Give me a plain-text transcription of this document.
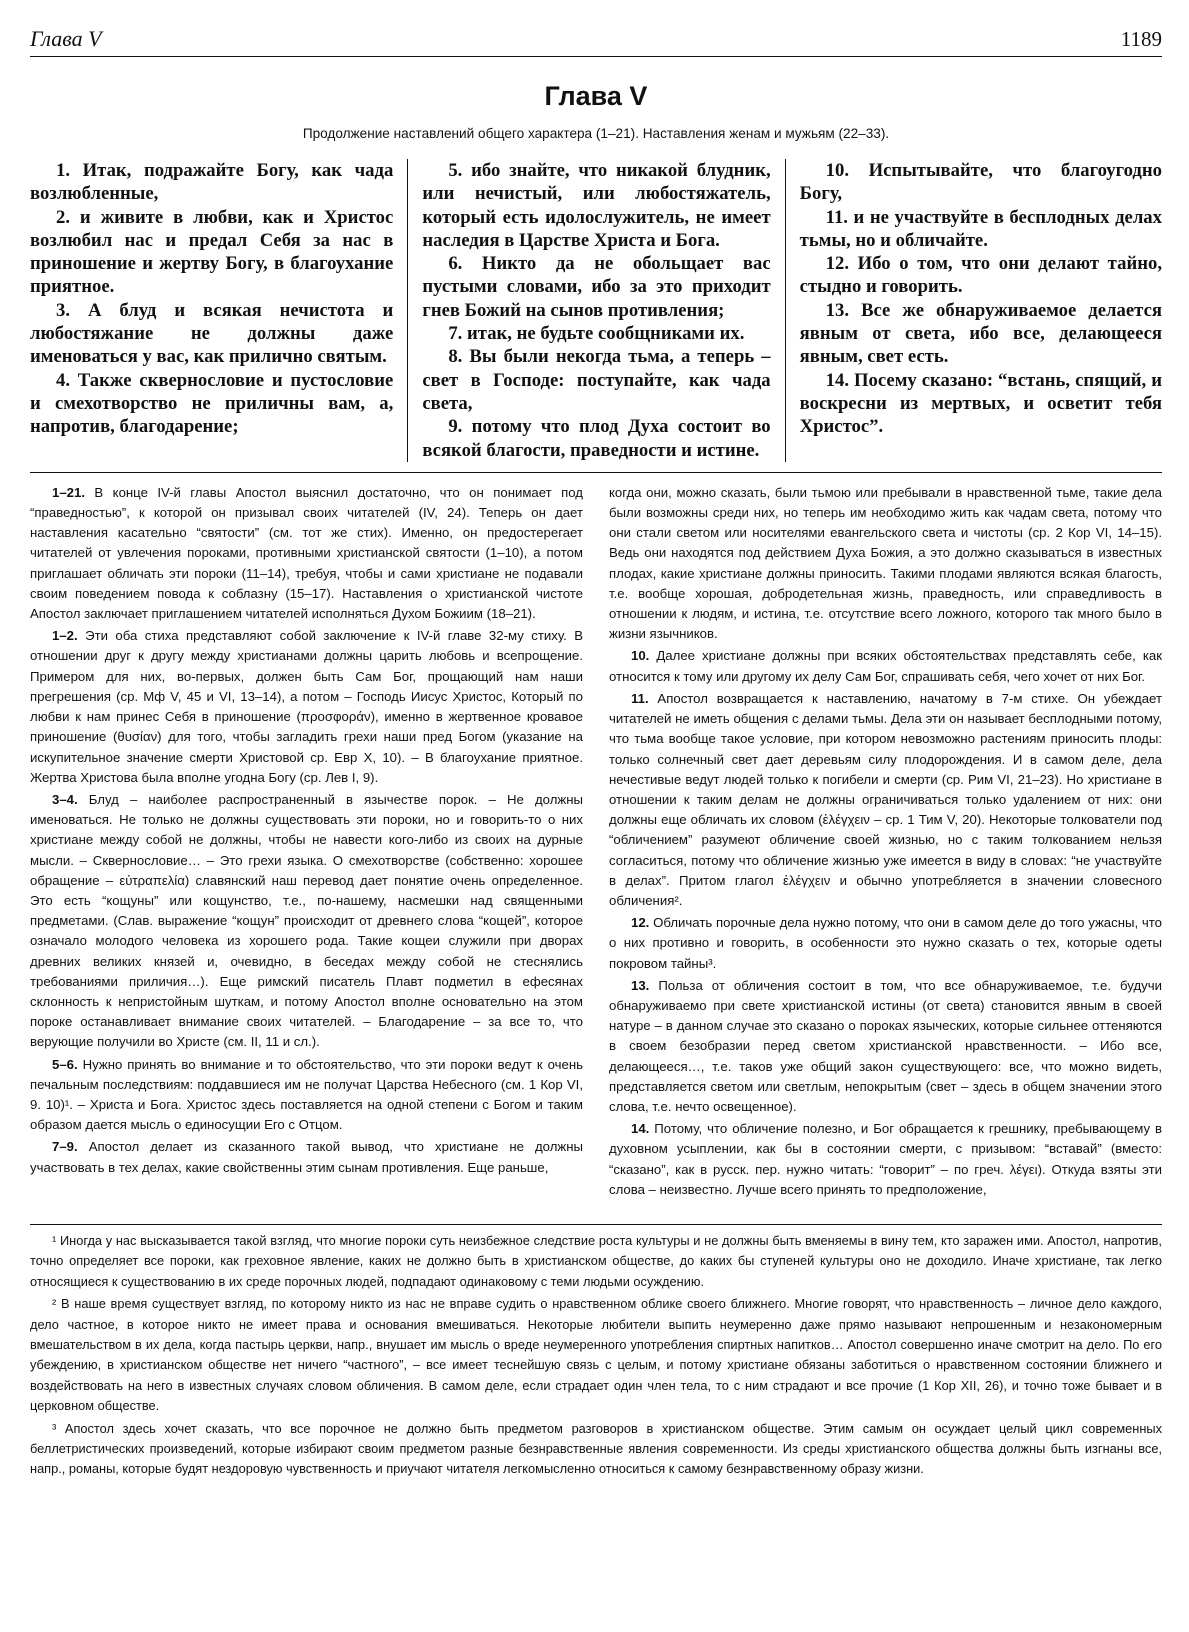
Глава V	1189
Глава V
Продолжение наставлений общего характера (1–21). Наставления женам и мужьям (22–33).

1. Итак, подражайте Богу, как чада возлюбленные,

2. и живите в любви, как и Христос возлюбил нас и предал Себя за нас в приношение и жертву Богу, в благоухание приятное.

3. А блуд и всякая нечистота и любостяжание не должны даже именоваться у вас, как прилично святым.

4. Также сквернословие и пустословие и смехотворство не приличны вам, а, напротив, благодарение;

5. ибо знайте, что никакой блудник, или нечистый, или любостяжатель, который есть идолослужитель, не имеет наследия в Царстве Христа и Бога.

6. Никто да не обольщает вас пустыми словами, ибо за это приходит гнев Божий на сынов противления;

7. итак, не будьте сообщниками их.

8. Вы были некогда тьма, а теперь – свет в Господе: поступайте, как чада света,

9. потому что плод Духа состоит во всякой благости, праведности и истине.

10. Испытывайте, что благоугодно Богу,

11. и не участвуйте в бесплодных делах тьмы, но и обличайте.

12. Ибо о том, что они делают тайно, стыдно и говорить.

13. Все же обнаруживаемое делается явным от света, ибо все, делающееся явным, свет есть.

14. Посему сказано: “встань, спящий, и воскресни из мертвых, и осветит тебя Христос”.

1–21. В конце IV-й главы Апостол выяснил достаточно, что он понимает под “праведностью”, к которой он призывал своих читателей (IV, 24). Теперь он дает наставления касательно “святости” (см. тот же стих). Именно, он предостерегает читателей от увлечения пороками, противными христианской святости (1–10), а потом приглашает обличать эти пороки (11–14), требуя, чтобы и сами христиане не подавали своим поведением повода к соблазну (15–17). Наставления о христианской чистоте Апостол заключает приглашением читателей исполняться Духом Божиим (18–21).

1–2. Эти оба стиха представляют собой заключение к IV-й главе 32-му стиху. В отношении друг к другу между христианами должны царить любовь и всепрощение. Примером для них, во-первых, должен быть Сам Бог, прощающий нам наши прегрешения (ср. Мф V, 45 и VI, 13–14), а потом – Господь Иисус Христос, Который по любви к нам принес Себя в приношение (προσφοράν), именно в жертвенное кровавое приношение (θυσίαν) для того, чтобы загладить грехи наши пред Богом (указание на искупительное значение смерти Христовой ср. Евр X, 10). – В благоухание приятное. Жертва Христова была вполне угодна Богу (ср. Лев I, 9).

3–4. Блуд – наиболее распространенный в язычестве порок. – Не должны именоваться. Не только не должны существовать эти пороки, но и говорить-то о них христиане между собой не должны, чтобы не навести кого-либо из своих на дурные мысли. – Сквернословие… – Это грехи языка. О смехотворстве (собственно: хорошее обращение – εὐτραπελία) славянский наш перевод дает понятие очень определенное. Это есть “кощуны” или кощунство, т.е., по-нашему, насмешки над священными предметами. (Слав. выражение “кощун” происходит от древнего слова “кощей”, которое означало молодого человека из хорошего рода. Такие кощеи служили при дворах древних великих князей и, очевидно, в беседах между собой не стеснялись требованиями приличия…). Еще римский писатель Плавт подметил в ефесянах склонность к непристойным шуткам, и потому Апостол вполне основательно на этом пороке останавливает внимание своих читателей. – Благодарение – за все то, что верующие получили во Христе (см. II, 11 и сл.).

5–6. Нужно принять во внимание и то обстоятельство, что эти пороки ведут к очень печальным последствиям: поддавшиеся им не получат Царства Небесного (см. 1 Кор VI, 9. 10)¹. – Христа и Бога. Христос здесь поставляется на одной степени с Богом и таким образом дается мысль о единосущии Его с Отцом.

7–9. Апостол делает из сказанного такой вывод, что христиане не должны участвовать в тех делах, какие свойственны этим сынам противления. Еще раньше,

когда они, можно сказать, были тьмою или пребывали в нравственной тьме, такие дела были возможны среди них, но теперь им необходимо жить как чадам света, потому что они стали светом или носителями евангельского света и чистоты (ср. 2 Кор VI, 14–15). Ведь они находятся под действием Духа Божия, а это должно сказываться в известных плодах, какие христиане должны приносить. Такими плодами являются всякая благость, т.е. вообще хорошая, добродетельная жизнь, праведность, или справедливость в отношении к людям, и истина, т.е. отсутствие всего ложного, которого так много было в жизни язычников.

10. Далее христиане должны при всяких обстоятельствах представлять себе, как относится к тому или другому их делу Сам Бог, спрашивать себя, чего хочет от них Бог.

11. Апостол возвращается к наставлению, начатому в 7-м стихе. Он убеждает читателей не иметь общения с делами тьмы. Дела эти он называет бесплодными потому, что тьма вообще такое условие, при котором невозможно растениям приносить плоды: только солнечный свет дает деревьям силу плодорождения. И в самом деле, дела нечестивые ведут людей только к погибели и смерти (ср. Рим VI, 21–23). Но христиане в отношении к таким делам не должны ограничиваться только удалением от них: они должны еще обличать их словом (ἐλέγχειν – ср. 1 Тим V, 20). Некоторые толкователи под “обличением” разумеют обличение своей жизнью, но с таким толкованием нельзя согласиться, потому что обличение жизнью уже имеется в виду в словах: “не участвуйте в делах”. Притом глагол ἐλέγχειν и обычно употребляется в значении словесного обличения².

12. Обличать порочные дела нужно потому, что они в самом деле до того ужасны, что о них противно и говорить, в особенности это нужно сказать о тех, которые одеты покровом тайны³.

13. Польза от обличения состоит в том, что все обнаруживаемое, т.е. будучи обнаруживаемо при свете христианской истины (от света) становится явным в своей натуре – в данном случае это сказано о пороках языческих, которые сильнее оттеняются в своем безобразии перед светом христианской нравственности. – Ибо все, делающееся…, т.е. таков уже общий закон существующего: все, что можно видеть, представляется светом или светлым, непокрытым (свет – здесь в общем значении этого слова, т.е. нечто освещенное).

14. Потому, что обличение полезно, и Бог обращается к грешнику, пребывающему в духовном усыплении, как бы в состоянии смерти, с призывом: “вставай” (вместо: “сказано”, как в русск. пер. нужно читать: “говорит” – по греч. λέγει). Откуда взяты эти слова – неизвестно. Лучше всего принять то предположение,

¹ Иногда у нас высказывается такой взгляд, что многие пороки суть неизбежное следствие роста культуры и не должны быть вменяемы в вину тем, кто заражен ими. Апостол, напротив, точно определяет все пороки, как греховное явление, каких не должно быть в христианском обществе, до каких бы ступеней культуры оно не доходило. Иначе христиане, так легко относящиеся к существованию в их среде порочных людей, подпадают одинаковому с теми людьми осуждению.

² В наше время существует взгляд, по которому никто из нас не вправе судить о нравственном облике своего ближнего. Многие говорят, что нравственность – личное дело каждого, дело частное, в которое никто не имеет права и основания вмешиваться. Некоторые любители выпить неумеренно даже прямо называют непрошенным и незакономерным вмешательством в их дела, когда пастырь церкви, напр., внушает им мысль о вреде неумеренного употребления спиртных напитков… Апостол совершенно иначе смотрит на дело. По его убеждению, в христианском обществе нет ничего “частного”, – все имеет теснейшую связь с целым, и потому христиане обязаны заботиться о нравственном состоянии ближнего и воздействовать на него в известных случаях словом обличения. В самом деле, если страдает один член тела, то с ним страдают и все прочие (1 Кор XII, 26), и точно тоже бывает и в церковном обществе.

³ Апостол здесь хочет сказать, что все порочное не должно быть предметом разговоров в христианском обществе. Этим самым он осуждает целый цикл современных беллетристических произведений, которые избирают своим предметом разные безнравственные явления современности. Из среды христианского общества должны быть изгнаны все, напр., романы, которые будят нездоровую чувственность и приучают читателя легкомысленно относиться к самому безнравственному образу жизни.
